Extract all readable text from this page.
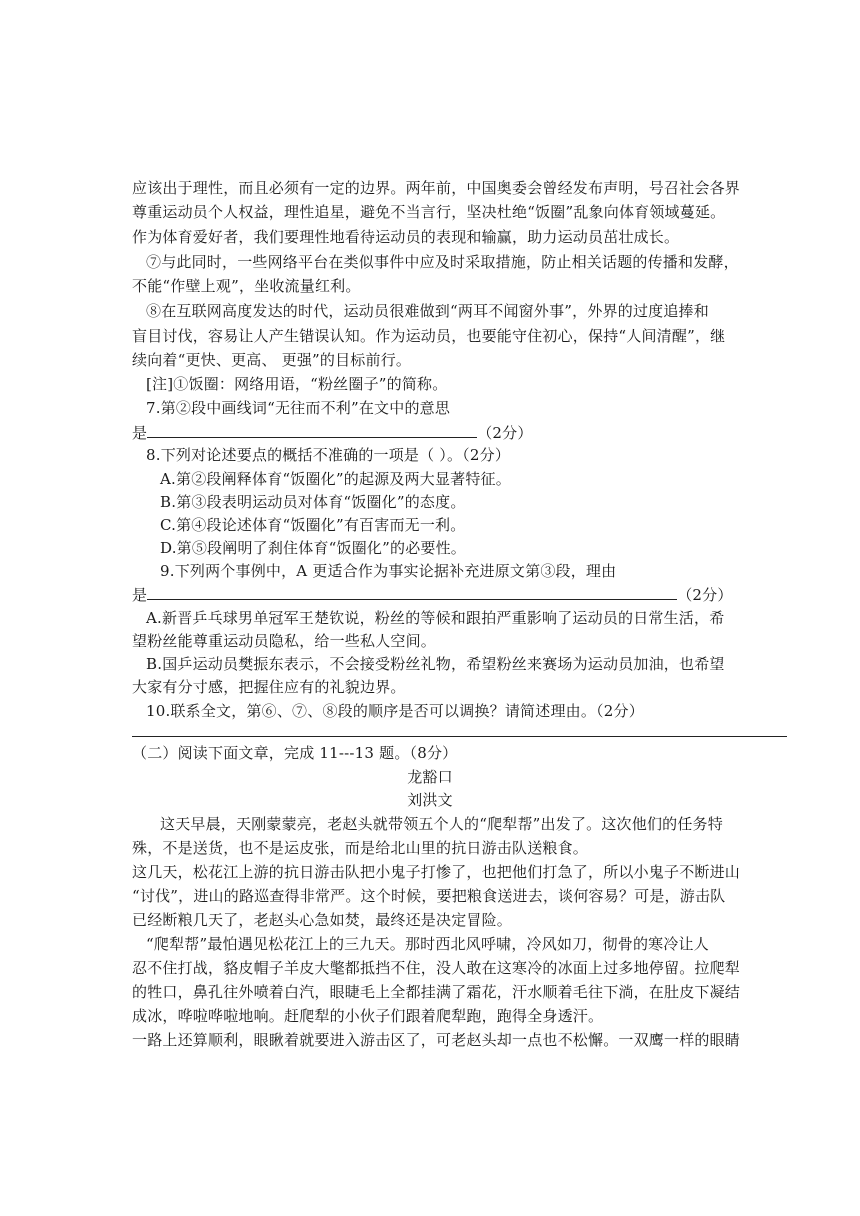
应该出于理性，而且必须有一定的边界。两年前，中国奥委会曾经发布声明，号召社会各界
尊重运动员个人权益，理性追星，避免不当言行，坚决杜绝“饭圈”乱象向体育领域蔓延。
作为体育爱好者，我们要理性地看待运动员的表现和输赢，助力运动员茁壮成长。
⑦与此同时，一些网络平台在类似事件中应及时采取措施，防止相关话题的传播和发酵，
不能“作壁上观”，坐收流量红利。
⑧在互联网高度发达的时代，运动员很难做到“两耳不闻窗外事”，外界的过度追捧和
盲目讨伐，容易让人产生错误认知。作为运动员，也要能守住初心，保持“人间清醒”，继
续向着“更快、更高、 更强”的目标前行。
[注]①饭圈：网络用语，“粉丝圈子”的简称。
7.第②段中画线词“无往而不利”在文中的意思
是	（2分）
8.下列对论述要点的概括不准确的一项是（ ）。（2分）
A.第②段阐释体育“饭圈化”的起源及两大显著特征。
B.第③段表明运动员对体育“饭圈化”的态度。
C.第④段论述体育“饭圈化”有百害而无一利。
D.第⑤段阐明了刹住体育“饭圈化”的必要性。
9.下列两个事例中，A 更适合作为事实论据补充进原文第③段，理由
是	（2分）
A.新晋乒乓球男单冠军王楚钦说，粉丝的等候和跟拍严重影响了运动员的日常生活，希
望粉丝能尊重运动员隐私，给一些私人空间。
B.国乒运动员樊振东表示，不会接受粉丝礼物，希望粉丝来赛场为运动员加油，也希望
大家有分寸感，把握住应有的礼貌边界。
10.联系全文，第⑥、⑦、⑧段的顺序是否可以调换？请简述理由。（2分）
（二）阅读下面文章，完成 11---13 题。（8分）
龙豁口
刘洪文
这天早晨，天刚蒙蒙亮，老赵头就带领五个人的“爬犁帮”出发了。这次他们的任务特
殊，不是送货，也不是运皮张，而是给北山里的抗日游击队送粮食。
这几天，松花江上游的抗日游击队把小鬼子打惨了，也把他们打急了，所以小鬼子不断进山
“讨伐”，进山的路巡查得非常严。这个时候，要把粮食送进去，谈何容易？可是，游击队
已经断粮几天了，老赵头心急如焚，最终还是决定冒险。
“爬犁帮”最怕遇见松花江上的三九天。那时西北风呼啸，冷风如刀，彻骨的寒冷让人
忍不住打战，貉皮帽子羊皮大氅都抵挡不住，没人敢在这寒冷的冰面上过多地停留。拉爬犁
的牲口，鼻孔往外喷着白汽，眼睫毛上全都挂满了霜花，汗水顺着毛往下淌，在肚皮下凝结
成冰，哗啦哗啦地响。赶爬犁的小伙子们跟着爬犁跑，跑得全身透汗。
一路上还算顺利，眼瞅着就要进入游击区了，可老赵头却一点也不松懈。一双鹰一样的眼睛
